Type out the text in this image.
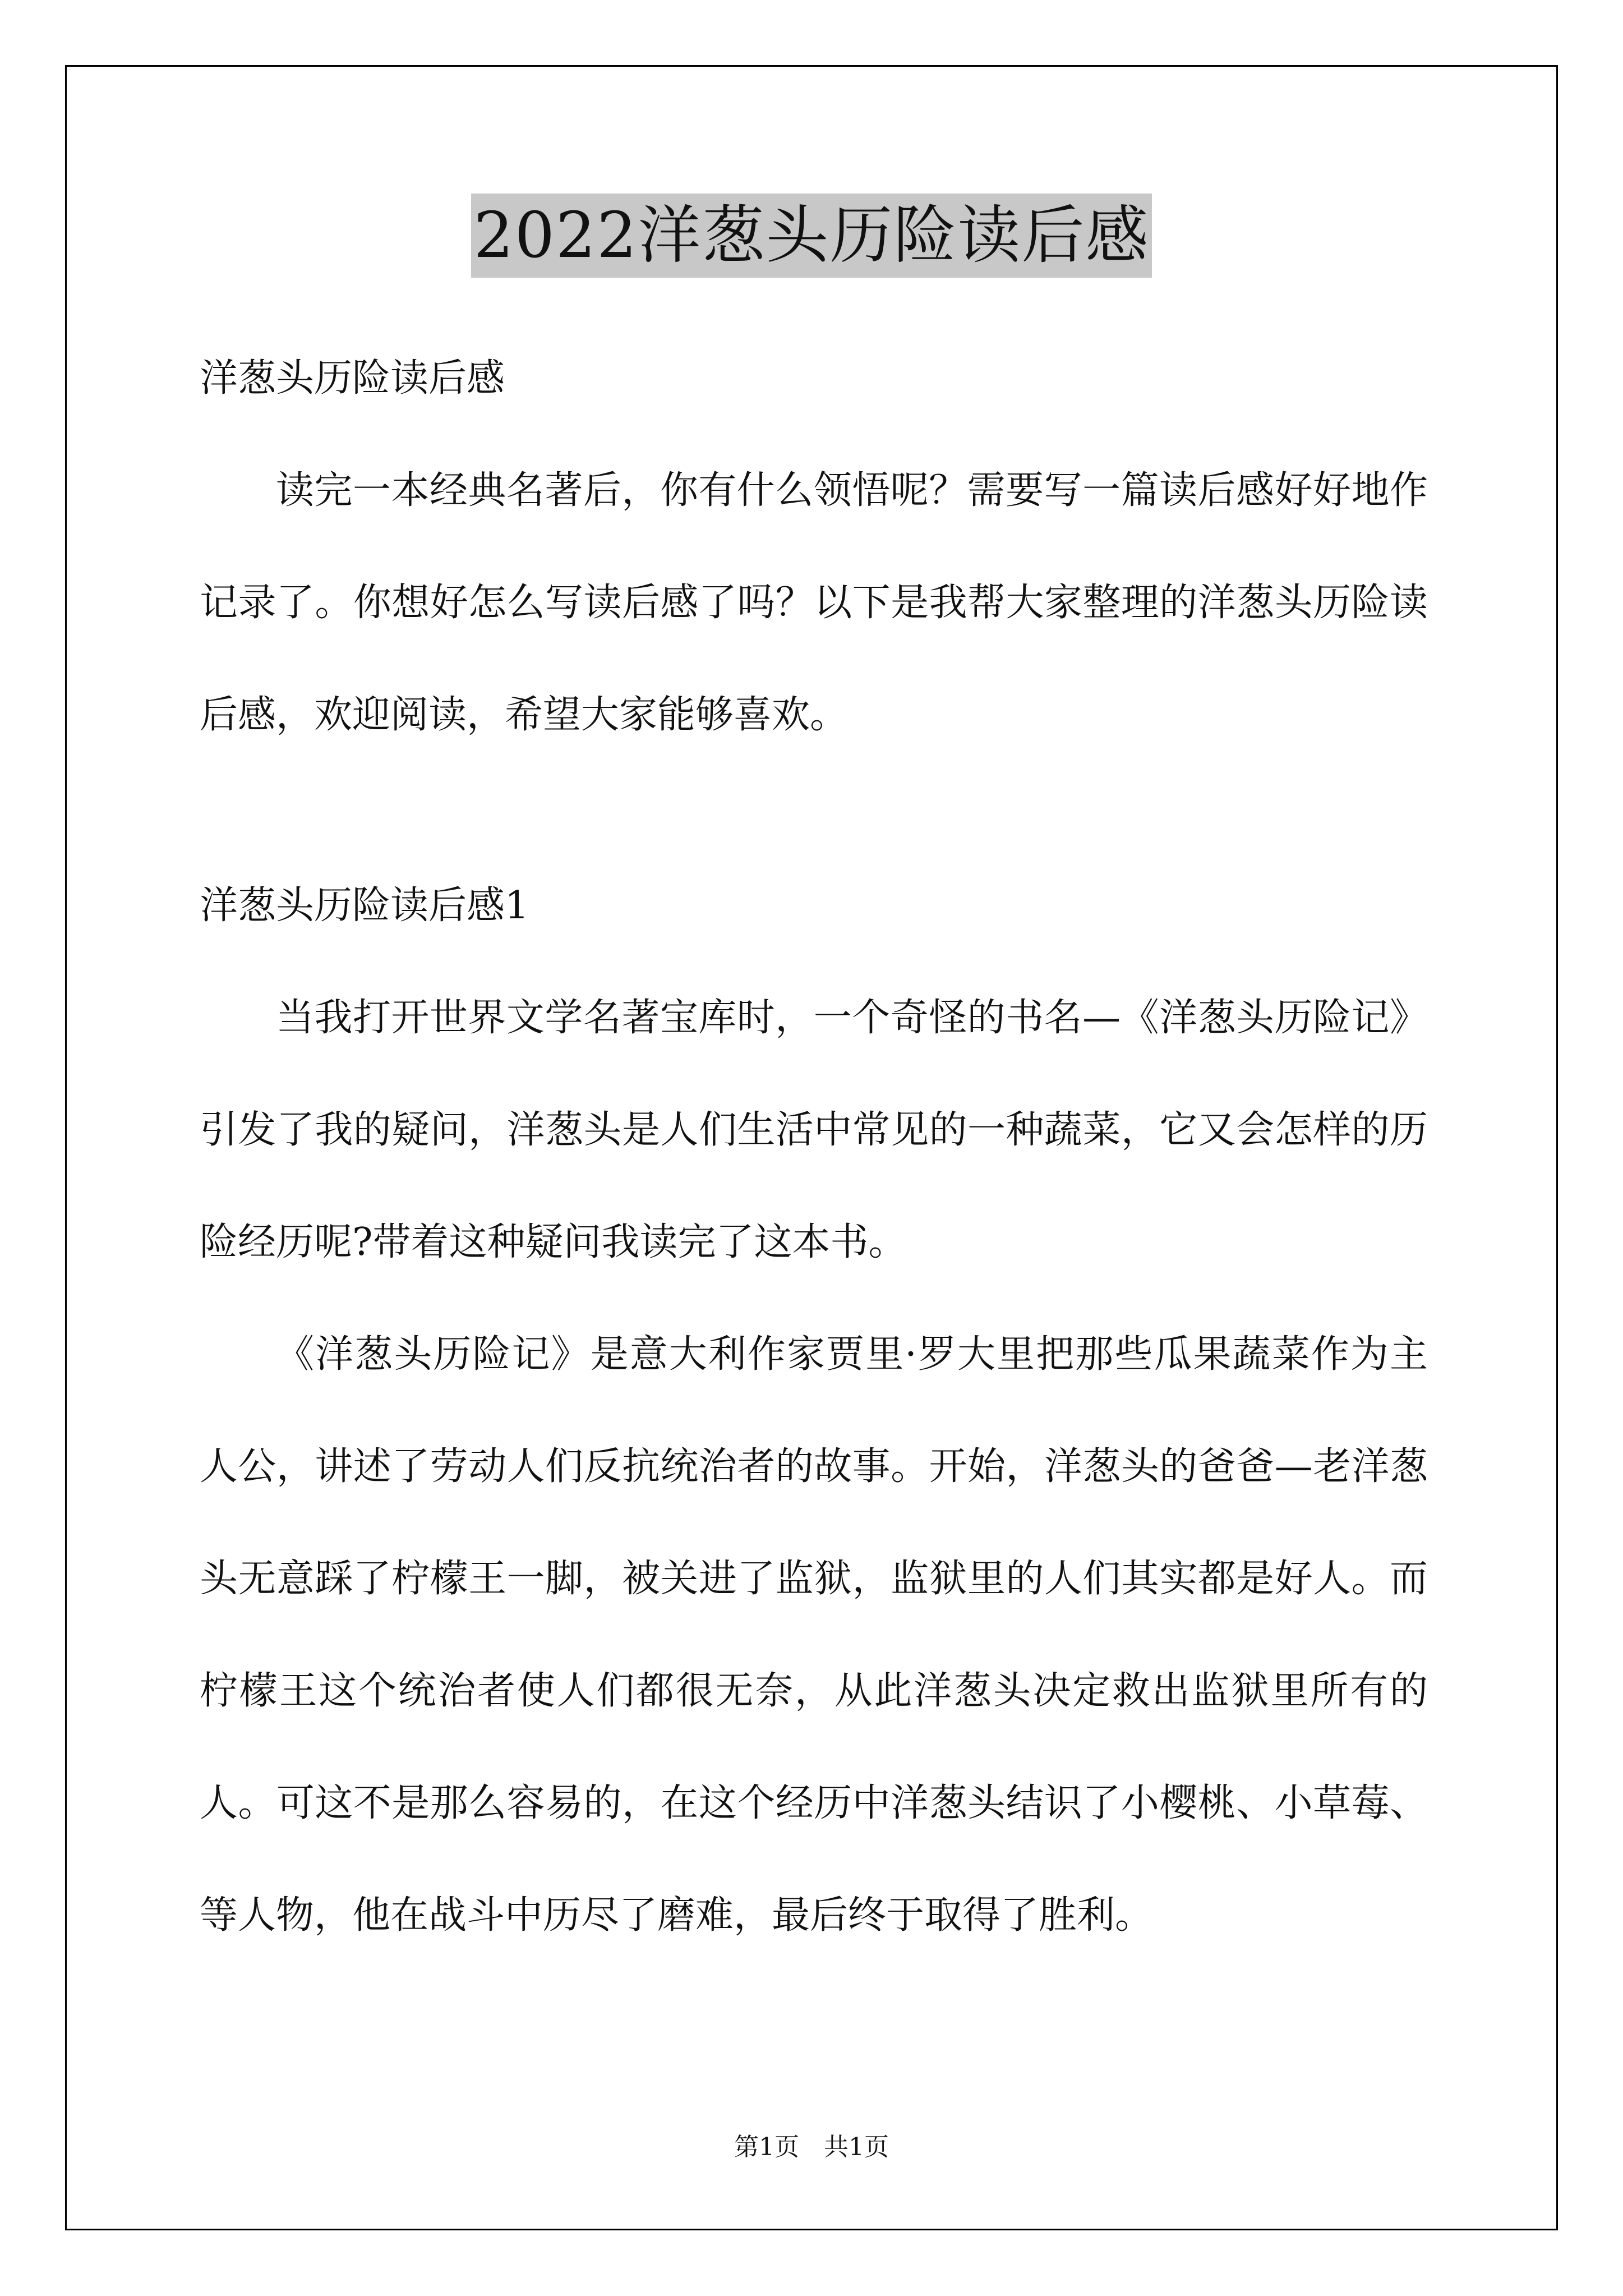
2022洋葱头历险读后感

洋葱头历险读后感

读完一本经典名著后，你有什么领悟呢？需要写一篇读后感好好地作记录了。你想好怎么写读后感了吗？以下是我帮大家整理的洋葱头历险读后感，欢迎阅读，希望大家能够喜欢。

洋葱头历险读后感1

当我打开世界文学名著宝库时，一个奇怪的书名—《洋葱头历险记》引发了我的疑问，洋葱头是人们生活中常见的一种蔬菜，它又会怎样的历险经历呢?带着这种疑问我读完了这本书。

《洋葱头历险记》是意大利作家贾里·罗大里把那些瓜果蔬菜作为主人公，讲述了劳动人们反抗统治者的故事。开始，洋葱头的爸爸—老洋葱头无意踩了柠檬王一脚，被关进了监狱，监狱里的人们其实都是好人。而柠檬王这个统治者使人们都很无奈，从此洋葱头决定救出监狱里所有的人。可这不是那么容易的，在这个经历中洋葱头结识了小樱桃、小草莓、等人物，他在战斗中历尽了磨难，最后终于取得了胜利。

第1页　共1页
